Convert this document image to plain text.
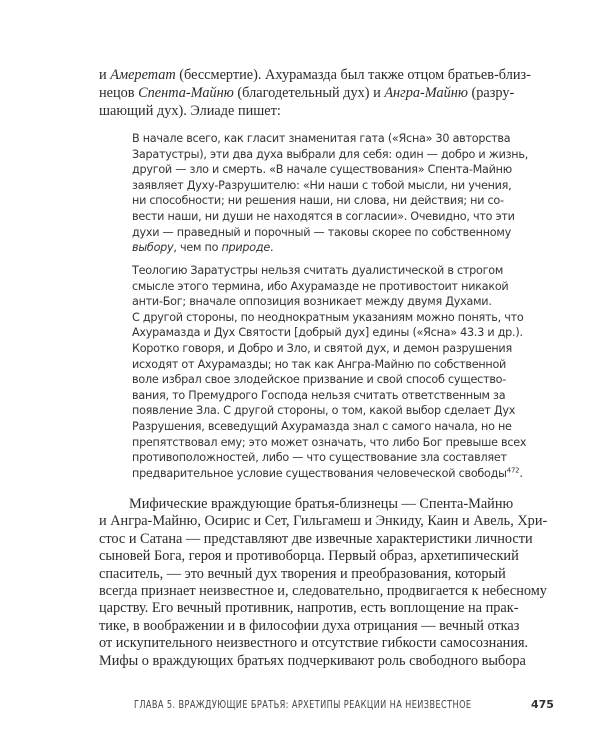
и Амеретат (бессмертие). Ахурамазда был также отцом братьев-близ-
нецов Спента-Майню (благодетельный дух) и Ангра-Майню (разру-
шающий дух). Элиаде пишет:
В начале всего, как гласит знаменитая гата («Ясна» 30 авторства
Заратустры), эти два духа выбрали для себя: один — добро и жизнь,
другой — зло и смерть. «В начале существования» Спента-Майню
заявляет Духу-Разрушителю: «Ни наши с тобой мысли, ни учения,
ни способности; ни решения наши, ни слова, ни действия; ни со-
вести наши, ни души не находятся в согласии». Очевидно, что эти
духи — праведный и порочный — таковы скорее по собственному
выбору, чем по природе.
Теологию Заратустры нельзя считать дуалистической в строгом
смысле этого термина, ибо Ахурамазде не противостоит никакой
анти-Бог; вначале оппозиция возникает между двумя Духами.
С другой стороны, по неоднократным указаниям можно понять, что
Ахурамазда и Дух Святости [добрый дух] едины («Ясна» 43.3 и др.).
Коротко говоря, и Добро и Зло, и святой дух, и демон разрушения
исходят от Ахурамазды; но так как Ангра-Майню по собственной
воле избрал свое злодейское призвание и свой способ существо-
вания, то Премудрого Господа нельзя считать ответственным за
появление Зла. С другой стороны, о том, какой выбор сделает Дух
Разрушения, всеведущий Ахурамазда знал с самого начала, но не
препятствовал ему; это может означать, что либо Бог превыше всех
противоположностей, либо — что существование зла составляет
предварительное условие существования человеческой свободы$^{472}$.
Мифические враждующие братья-близнецы — Спента-Майню
и Ангра-Майню, Осирис и Сет, Гильгамеш и Энкиду, Каин и Авель, Хри-
стос и Сатана — представляют две извечные характеристики личности
сыновей Бога, героя и противоборца. Первый образ, архетипический
спаситель, — это вечный дух творения и преобразования, который
всегда признает неизвестное и, следовательно, продвигается к небесному
царству. Его вечный противник, напротив, есть воплощение на прак-
тике, в воображении и в философии духа отрицания — вечный отказ
от искупительного неизвестного и отсутствие гибкости самосознания.
Мифы о враждующих братьях подчеркивают роль свободного выбора
ГЛАВА 5. ВРАЖДУЮЩИЕ БРАТЬЯ: АРХЕТИПЫ РЕАКЦИИ НА НЕИЗВЕСТНОЕ	475
